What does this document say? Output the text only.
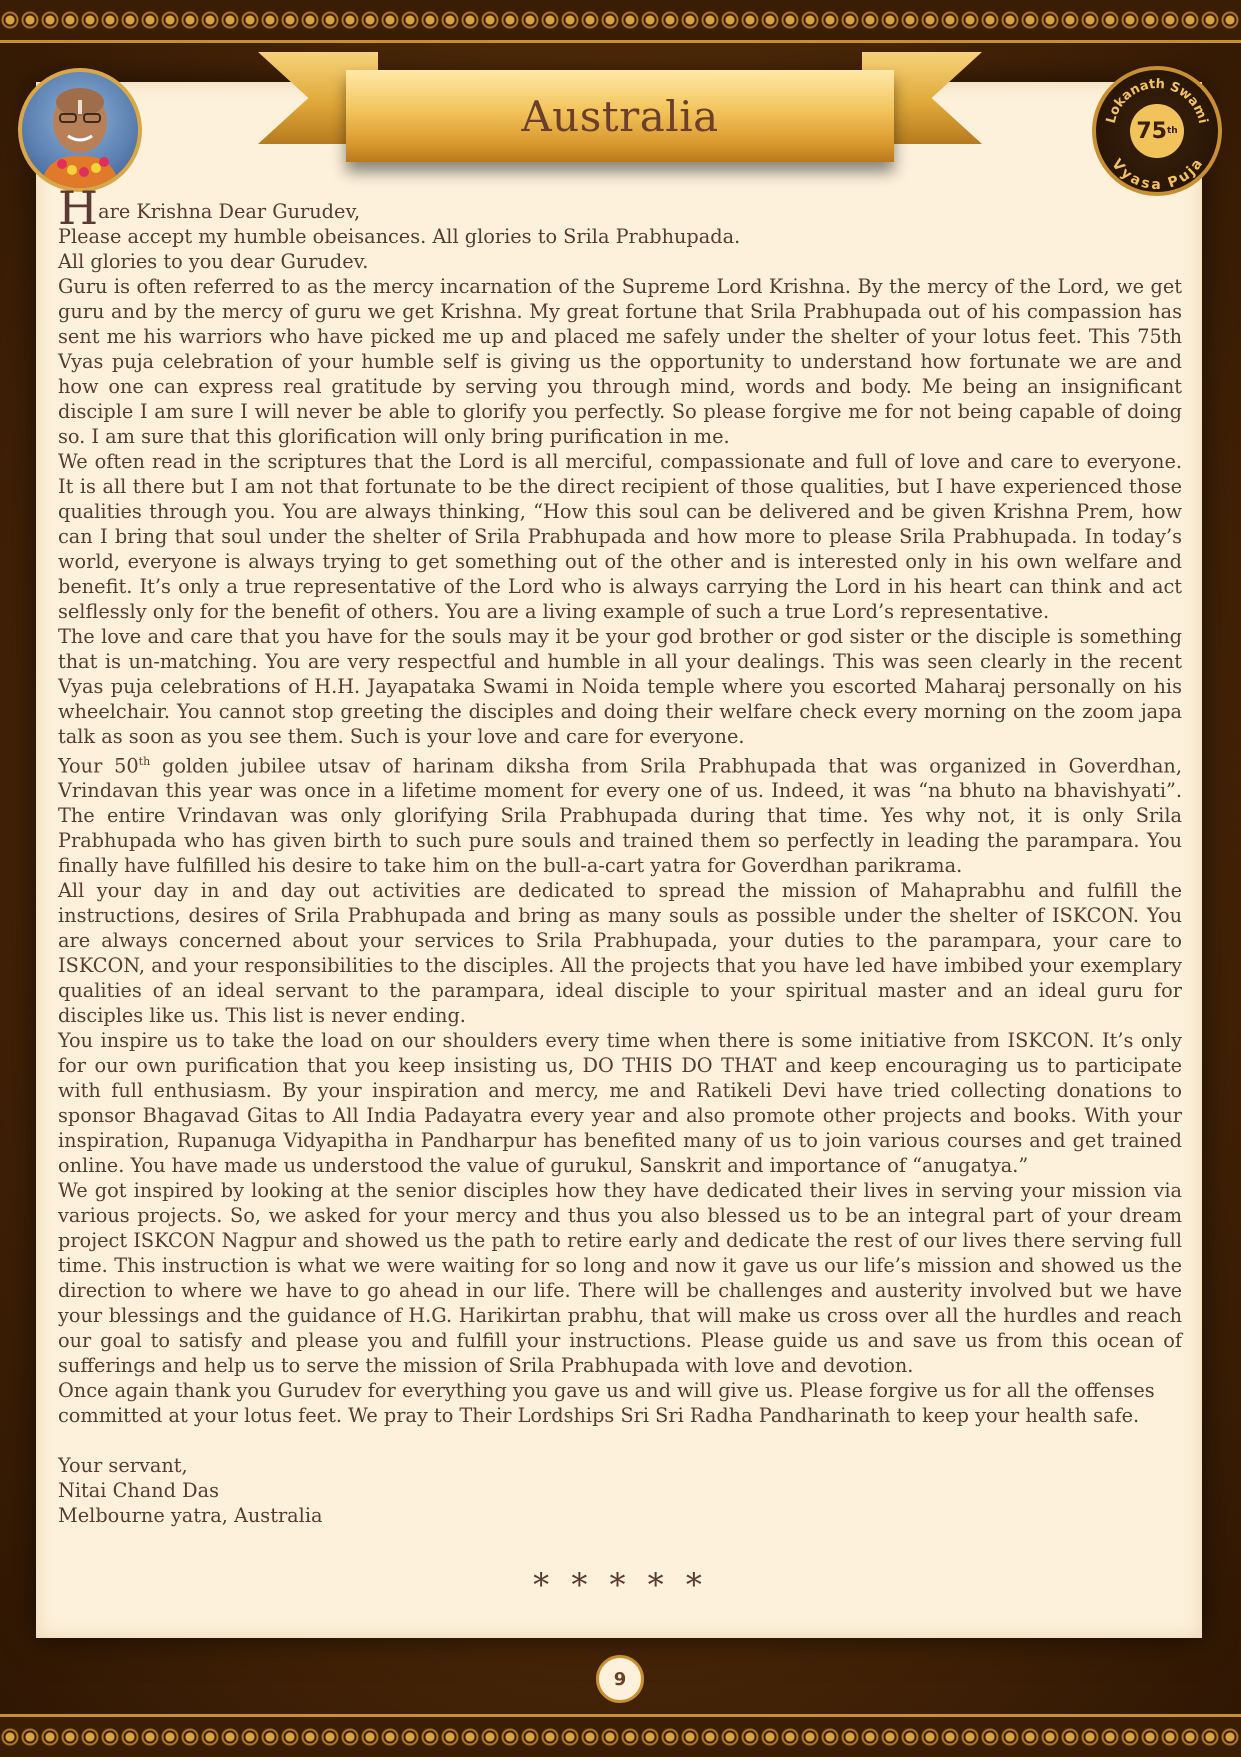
Australia	Lokanath Swami
Vyasa Puja
75 th

Hare Krishna Dear Gurudev,

Please accept my humble obeisances. All glories to Srila Prabhupada.

All glories to you dear Gurudev.

Guru is often referred to as the mercy incarnation of the Supreme Lord Krishna. By the mercy of the Lord, we get guru and by the mercy of guru we get Krishna. My great fortune that Srila Prabhupada out of his compassion has sent me his warriors who have picked me up and placed me safely under the shelter of your lotus feet. This 75th Vyas puja celebration of your humble self is giving us the opportunity to understand how fortunate we are and how one can express real gratitude by serving you through mind, words and body. Me being an insignificant disciple I am sure I will never be able to glorify you perfectly. So please forgive me for not being capable of doing so. I am sure that this glorification will only bring purification in me.

We often read in the scriptures that the Lord is all merciful, compassionate and full of love and care to everyone. It is all there but I am not that fortunate to be the direct recipient of those qualities, but I have experienced those qualities through you. You are always thinking, “How this soul can be delivered and be given Krishna Prem, how can I bring that soul under the shelter of Srila Prabhupada and how more to please Srila Prabhupada. In today’s world, everyone is always trying to get something out of the other and is interested only in his own welfare and benefit. It’s only a true representative of the Lord who is always carrying the Lord in his heart can think and act selflessly only for the benefit of others. You are a living example of such a true Lord’s representative.

The love and care that you have for the souls may it be your god brother or god sister or the disciple is something that is un-matching. You are very respectful and humble in all your dealings. This was seen clearly in the recent Vyas puja celebrations of H.H. Jayapataka Swami in Noida temple where you escorted Maharaj personally on his wheelchair. You cannot stop greeting the disciples and doing their welfare check every morning on the zoom japa talk as soon as you see them. Such is your love and care for everyone.

Your 50th golden jubilee utsav of harinam diksha from Srila Prabhupada that was organized in Goverdhan, Vrindavan this year was once in a lifetime moment for every one of us. Indeed, it was “na bhuto na bhavishyati”. The entire Vrindavan was only glorifying Srila Prabhupada during that time. Yes why not, it is only Srila Prabhupada who has given birth to such pure souls and trained them so perfectly in leading the parampara. You finally have fulfilled his desire to take him on the bull-a-cart yatra for Goverdhan parikrama.

All your day in and day out activities are dedicated to spread the mission of Mahaprabhu and fulfill the instructions, desires of Srila Prabhupada and bring as many souls as possible under the shelter of ISKCON. You are always concerned about your services to Srila Prabhupada, your duties to the parampara, your care to ISKCON, and your responsibilities to the disciples. All the projects that you have led have imbibed your exemplary qualities of an ideal servant to the parampara, ideal disciple to your spiritual master and an ideal guru for disciples like us. This list is never ending.

You inspire us to take the load on our shoulders every time when there is some initiative from ISKCON. It’s only for our own purification that you keep insisting us, DO THIS DO THAT and keep encouraging us to participate with full enthusiasm. By your inspiration and mercy, me and Ratikeli Devi have tried collecting donations to sponsor Bhagavad Gitas to All India Padayatra every year and also promote other projects and books. With your inspiration, Rupanuga Vidyapitha in Pandharpur has benefited many of us to join various courses and get trained online. You have made us understood the value of gurukul, Sanskrit and importance of “anugatya.”

We got inspired by looking at the senior disciples how they have dedicated their lives in serving your mission via various projects. So, we asked for your mercy and thus you also blessed us to be an integral part of your dream project ISKCON Nagpur and showed us the path to retire early and dedicate the rest of our lives there serving full time. This instruction is what we were waiting for so long and now it gave us our life’s mission and showed us the direction to where we have to go ahead in our life. There will be challenges and austerity involved but we have your blessings and the guidance of H.G. Harikirtan prabhu, that will make us cross over all the hurdles and reach our goal to satisfy and please you and fulfill your instructions. Please guide us and save us from this ocean of sufferings and help us to serve the mission of Srila Prabhupada with love and devotion.

Once again thank you Gurudev for everything you gave us and will give us. Please forgive us for all the offenses committed at your lotus feet. We pray to Their Lordships Sri Sri Radha Pandharinath to keep your health safe.

Your servant,

Nitai Chand Das

Melbourne yatra, Australia

* * * * *
9
